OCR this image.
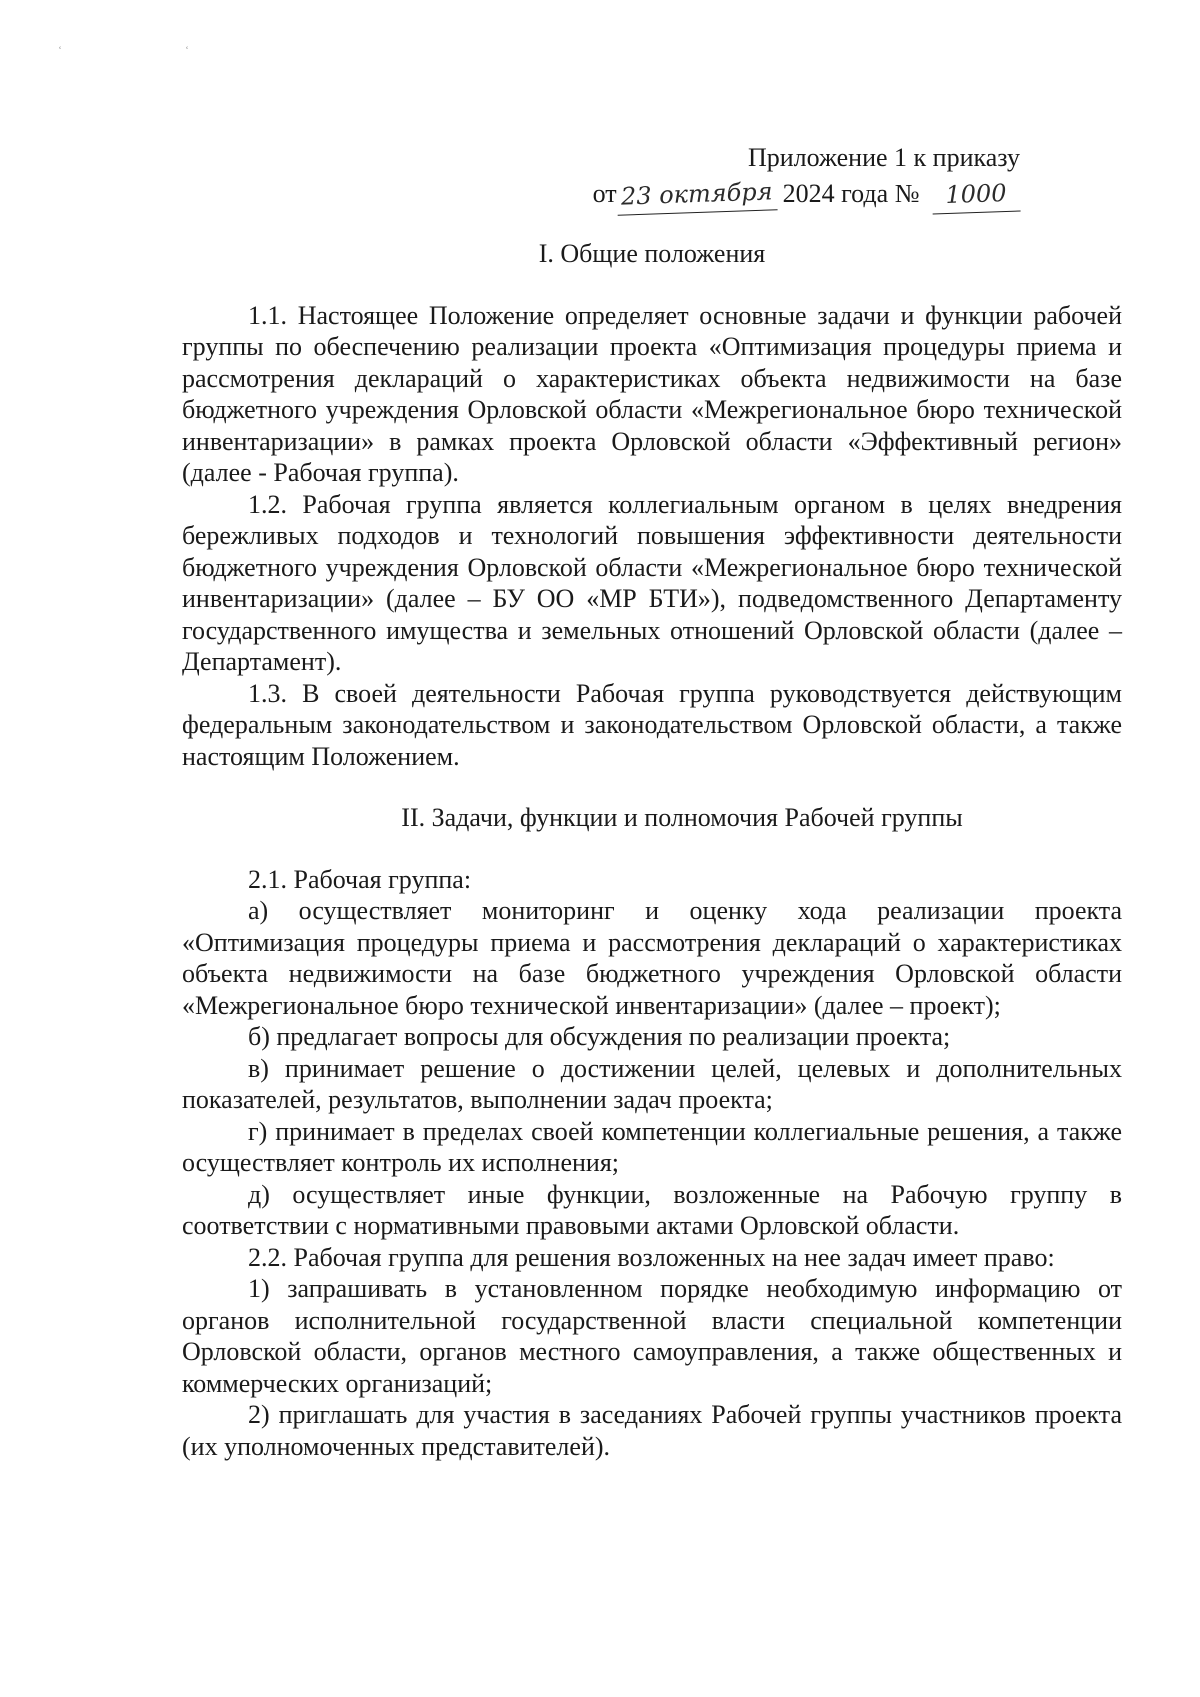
ʿ ʿ
Приложение 1 к приказу
от 23 октября 2024 года № 1000
I. Общие положения

1.1. Настоящее Положение определяет основные задачи и функции рабочей группы по обеспечению реализации проекта «Оптимизация процедуры приема и рассмотрения деклараций о характеристиках объекта недвижимости на базе бюджетного учреждения Орловской области «Межрегиональное бюро технической инвентаризации» в рамках проекта Орловской области «Эффективный регион» (далее - Рабочая группа).

1.2. Рабочая группа является коллегиальным органом в целях внедрения бережливых подходов и технологий повышения эффективности деятельности бюджетного учреждения Орловской области «Межрегиональное бюро технической инвентаризации» (далее – БУ ОО «МР БТИ»), подведомственного Департаменту государственного имущества и земельных отношений Орловской области (далее – Департамент).

1.3. В своей деятельности Рабочая группа руководствуется действующим федеральным законодательством и законодательством Орловской области, а также настоящим Положением.

II. Задачи, функции и полномочия Рабочей группы

2.1. Рабочая группа:

а) осуществляет мониторинг и оценку хода реализации проекта «Оптимизация процедуры приема и рассмотрения деклараций о характеристиках объекта недвижимости на базе бюджетного учреждения Орловской области «Межрегиональное бюро технической инвентаризации» (далее – проект);

б) предлагает вопросы для обсуждения по реализации проекта;

в) принимает решение о достижении целей, целевых и дополнительных показателей, результатов, выполнении задач проекта;

г) принимает в пределах своей компетенции коллегиальные решения, а также осуществляет контроль их исполнения;

д) осуществляет иные функции, возложенные на Рабочую группу в соответствии с нормативными правовыми актами Орловской области.

2.2. Рабочая группа для решения возложенных на нее задач имеет право:

1) запрашивать в установленном порядке необходимую информацию от органов исполнительной государственной власти специальной компетенции Орловской области, органов местного самоуправления, а также общественных и коммерческих организаций;

2) приглашать для участия в заседаниях Рабочей группы участников проекта (их уполномоченных представителей).
